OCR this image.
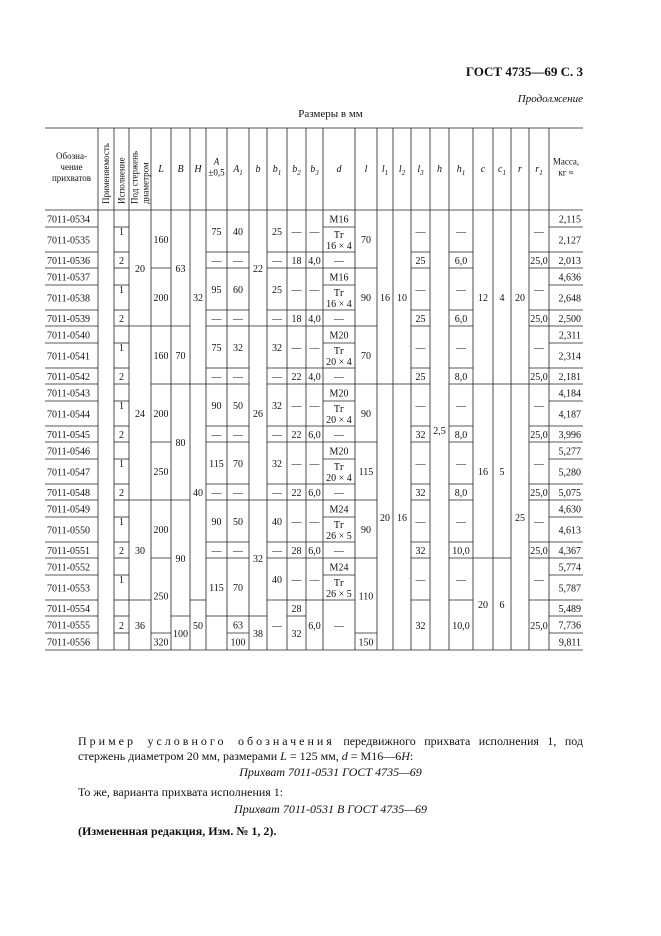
ГОСТ 4735—69 С. 3
Продолжение
Размеры в мм
Обозна-
чение
прихватов Применяемость Исполнение Под стержень диаметром L B H
A
±0,5 $A_1$ b $b_1$ $b_2$ $b_3$ d l $l_1$ $l_2$ $l_3$ h $h_1$ c $c_1$ r $r_1$
Масса,
кг ≈
7011-0534
7011-0535
7011-0536
7011-0537
7011-0538
7011-0539
7011-0540
7011-0541
7011-0542
7011-0543
7011-0544
7011-0545
7011-0546
7011-0547
7011-0548
7011-0549
7011-0550
7011-0551
7011-0552
7011-0553
7011-0554
7011-0555
7011-0556
2,115
2,127
2,013
4,636
2,648
2,500
2,311
2,314
2,181
4,184
4,187
3,996
5,277
5,280
5,075
4,630
4,613
4,367
5,774
5,787
5,489
7,736
9,811
1
2
1
2
1
2
1
2
1
2
1
2
1
2
20
24
30
36
160
200
160
200
250
200
250
320
63
70
80
90
100
32
40
50
75
—
95
—
75
—
90
—
115
—
90
—
115
40
—
60
—
32
—
50
—
70
—
50
—
70
63
100
22
26
32
38
25
—
25
—
32
—
32
—
32
—
40
—
40
—
—
18
—
18
—
22
—
22
—
22
—
28
—
28
32
—
4,0
—
4,0
—
4,0
—
6,0
—
6,0
—
6,0
—
6,0
М16
Тг
16 × 4
—
М16
Тг
16 × 4
—
М20
Тг
20 × 4
—
М20
Тг
20 × 4
—
М20
Тг
20 × 4
—
М24
Тг
26 × 5
—
М24
Тг
26 × 5
—
70
90
70
90
115
90
110
150
16
20
10
16
—
25
—
25
—
25
—
32
—
32
—
32
—
32
2,5
—
6,0
—
6,0
—
8,0
—
8,0
—
8,0
—
10,0
—
10,0
12
16
20
4
5
6
20
25
—
25,0
—
25,0
—
25,0
—
25,0
—
25,0
—
25,0
—
25,0
Пример условного обозначения передвижного прихвата исполнения 1, под стержень диаметром 20 мм, размерами L = 125 мм, d = М16—6H:
Прихват 7011-0531 ГОСТ 4735—69
То же, варианта прихвата исполнения 1:
Прихват 7011-0531 В ГОСТ 4735—69
(Измененная редакция, Изм. № 1, 2).
